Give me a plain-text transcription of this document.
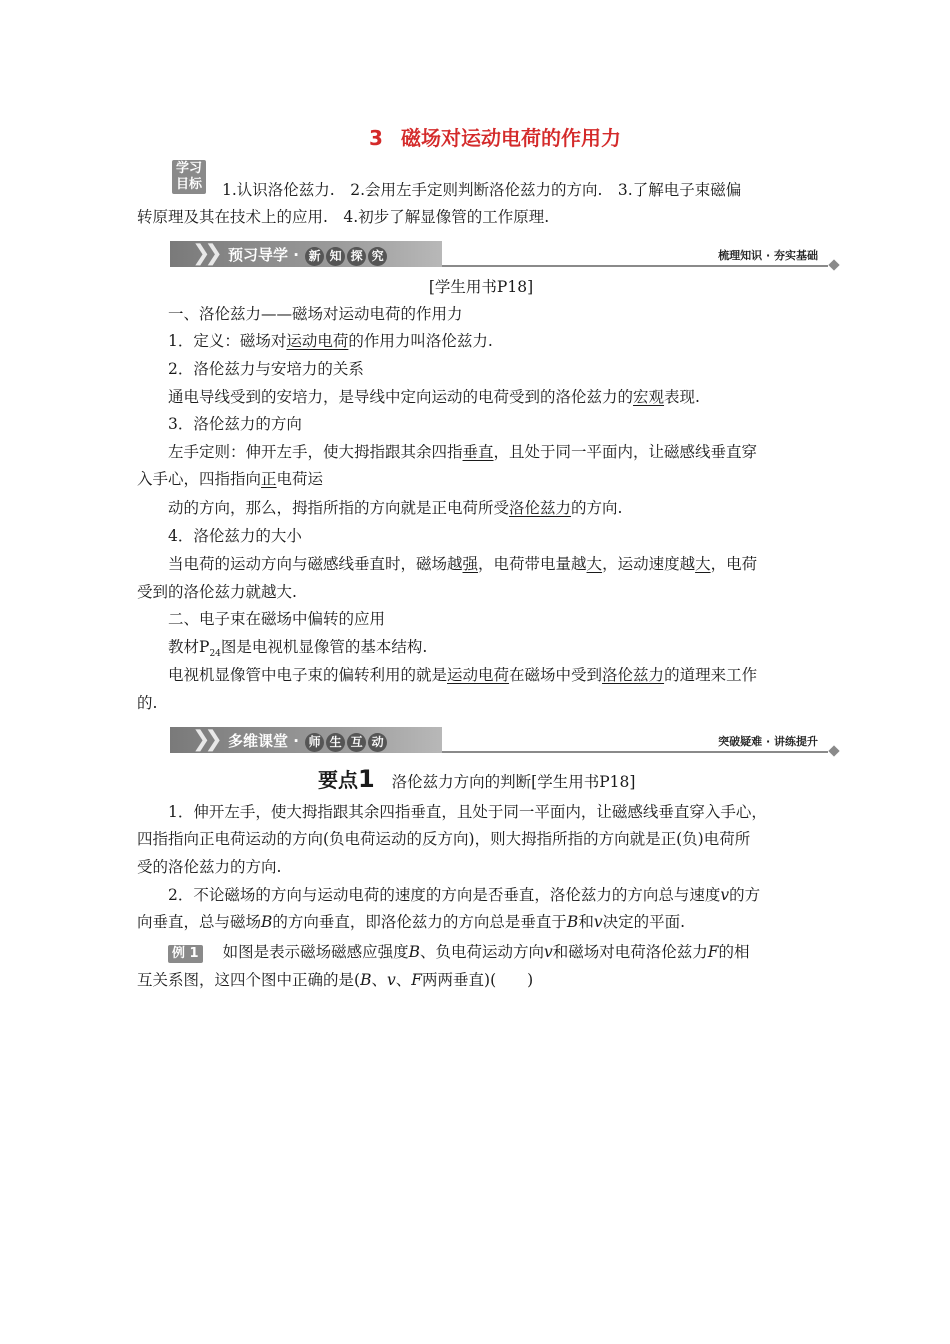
3 磁场对运动电荷的作用力
学习
目标 1.认识洛伦兹力.　2.会用左手定则判断洛伦兹力的方向.　3.了解电子束磁偏
转原理及其在技术上的应用.　4.初步了解显像管的工作原理.
❯❯ 预习导学 · 新 知 探 究	梳理知识 · 夯实基础
[学生用书P18]
一、洛伦兹力——磁场对运动电荷的作用力
1．定义：磁场对运动电荷的作用力叫洛伦兹力.
2．洛伦兹力与安培力的关系
通电导线受到的安培力，是导线中定向运动的电荷受到的洛伦兹力的宏观表现.
3．洛伦兹力的方向
左手定则：伸开左手，使大拇指跟其余四指垂直，且处于同一平面内，让磁感线垂直穿
入手心，四指指向正电荷运
动的方向，那么，拇指所指的方向就是正电荷所受洛伦兹力的方向.
4．洛伦兹力的大小
当电荷的运动方向与磁感线垂直时，磁场越强，电荷带电量越大，运动速度越大，电荷
受到的洛伦兹力就越大.
二、电子束在磁场中偏转的应用
教材$P_{24}$图是电视机显像管的基本结构.
电视机显像管中电子束的偏转利用的就是运动电荷在磁场中受到洛伦兹力的道理来工作
的.
❯❯ 多维课堂 · 师 生 互 动	突破疑难 · 讲练提升
要点1 洛伦兹力方向的判断[学生用书P18]
1．伸开左手，使大拇指跟其余四指垂直，且处于同一平面内，让磁感线垂直穿入手心，
四指指向正电荷运动的方向(负电荷运动的反方向)，则大拇指所指的方向就是正(负)电荷所
受的洛伦兹力的方向.
2．不论磁场的方向与运动电荷的速度的方向是否垂直，洛伦兹力的方向总与速度v的方
向垂直，总与磁场B的方向垂直，即洛伦兹力的方向总是垂直于B和v决定的平面.
例 1 如图是表示磁场磁感应强度B、负电荷运动方向v和磁场对电荷洛伦兹力F的相
互关系图，这四个图中正确的是(B、v、F两两垂直)(　　)
